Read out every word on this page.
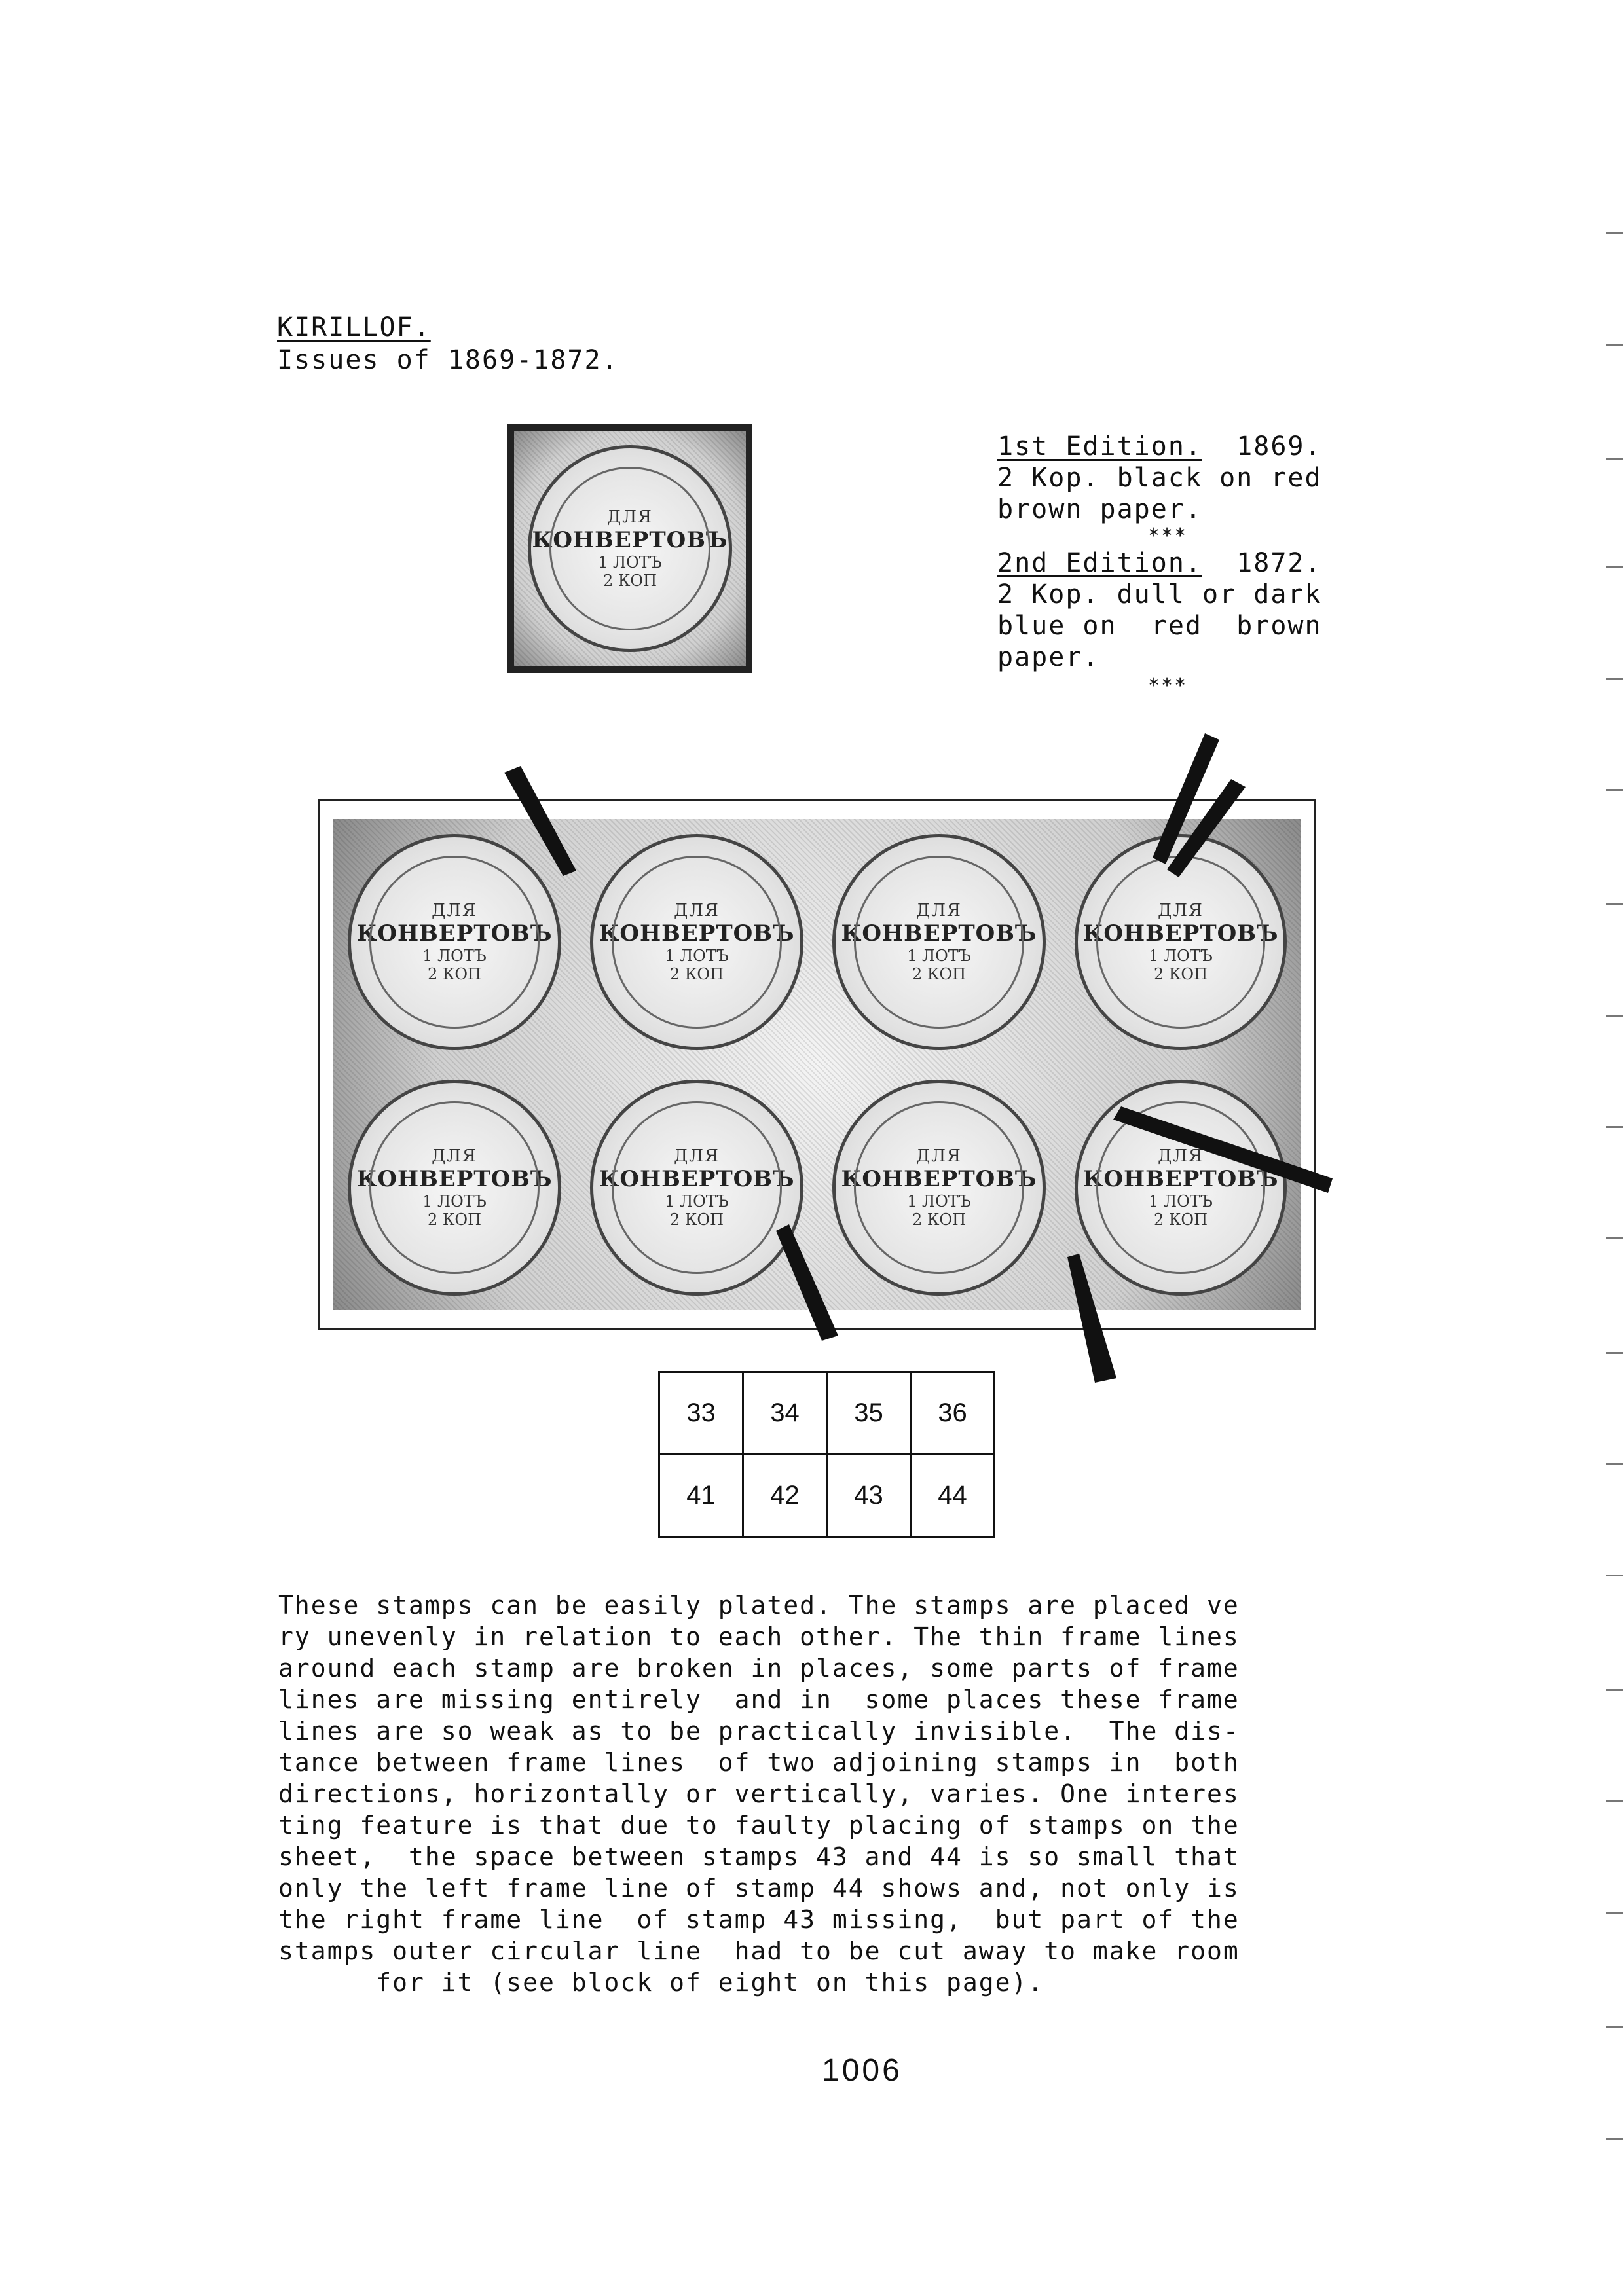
KIRILLOF.
Issues of 1869-1872.
ДЛЯ
КОНВЕРТОВЪ
1 ЛОТЪ
2 КОП
1st Edition. 1869.
2 Kop. black on red
brown paper.
***
2nd Edition. 1872.
2 Kop. dull or dark
blue on  red  brown
paper.
***
ДЛЯ
КОНВЕРТОВЪ
1 ЛОТЪ
2 КОП
ДЛЯ
КОНВЕРТОВЪ
1 ЛОТЪ
2 КОП
ДЛЯ
КОНВЕРТОВЪ
1 ЛОТЪ
2 КОП
ДЛЯ
КОНВЕРТОВЪ
1 ЛОТЪ
2 КОП
ДЛЯ
КОНВЕРТОВЪ
1 ЛОТЪ
2 КОП
ДЛЯ
КОНВЕРТОВЪ
1 ЛОТЪ
2 КОП
ДЛЯ
КОНВЕРТОВЪ
1 ЛОТЪ
2 КОП
ДЛЯ
КОНВЕРТОВЪ
1 ЛОТЪ
2 КОП
33	34	35	36
41	42	43	44
These stamps can be easily plated. The stamps are placed ve
ry unevenly in relation to each other. The thin frame lines
around each stamp are broken in places, some parts of frame
lines are missing entirely  and in  some places these frame
lines are so weak as to be practically invisible.  The dis-
tance between frame lines  of two adjoining stamps in  both
directions, horizontally or vertically, varies. One interes
ting feature is that due to faulty placing of stamps on the
sheet,  the space between stamps 43 and 44 is so small that
only the left frame line of stamp 44 shows and, not only is
the right frame line  of stamp 43 missing,  but part of the
stamps outer circular line  had to be cut away to make room
for it (see block of eight on this page).
1006
